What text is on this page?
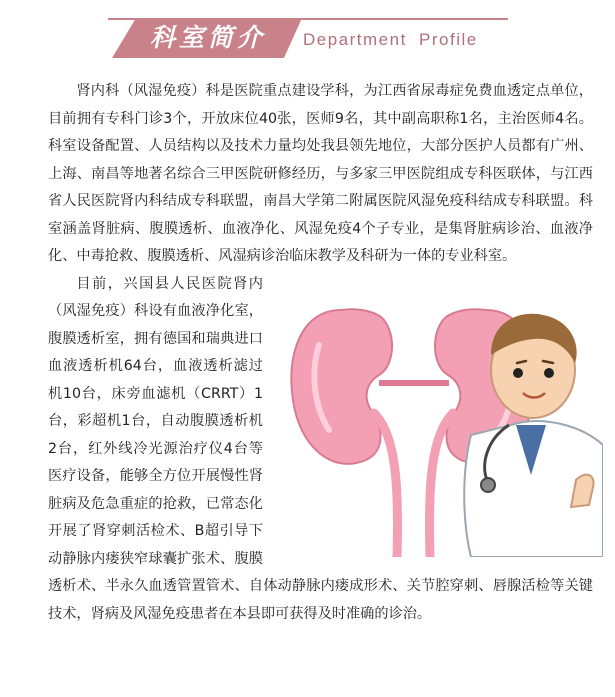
科室简介 Department Profile

肾内科（风湿免疫）科是医院重点建设学科，为江西省尿毒症免费血透定点单位，目前拥有专科门诊3个，开放床位40张，医师9名，其中副高职称1名，主治医师4名。科室设备配置、人员结构以及技术力量均处我县领先地位，大部分医护人员都有广州、上海、南昌等地著名综合三甲医院研修经历，与多家三甲医院组成专科医联体，与江西省人民医院肾内科结成专科联盟，南昌大学第二附属医院风湿免疫科结成专科联盟。科室涵盖肾脏病、腹膜透析、血液净化、风湿免疫4个子专业，是集肾脏病诊治、血液净化、中毒抢救、腹膜透析、风湿病诊治临床教学及科研为一体的专业科室。

目前，兴国县人民医院肾内（风湿免疫）科设有血液净化室，腹膜透析室，拥有德国和瑞典进口血液透析机64台，血液透析滤过机10台，床旁血滤机（CRRT）1台，彩超机1台，自动腹膜透析机2台，红外线冷光源治疗仪4台等医疗设备，能够全方位开展慢性肾脏病及危急重症的抢救，已常态化开展了肾穿刺活检术、B超引导下动静脉内瘘狭窄球囊扩张术、腹膜透析术、半永久血透管置管术、自体动静脉内瘘成形术、关节腔穿刺、唇腺活检等关键技术，肾病及风湿免疫患者在本县即可获得及时准确的诊治。
